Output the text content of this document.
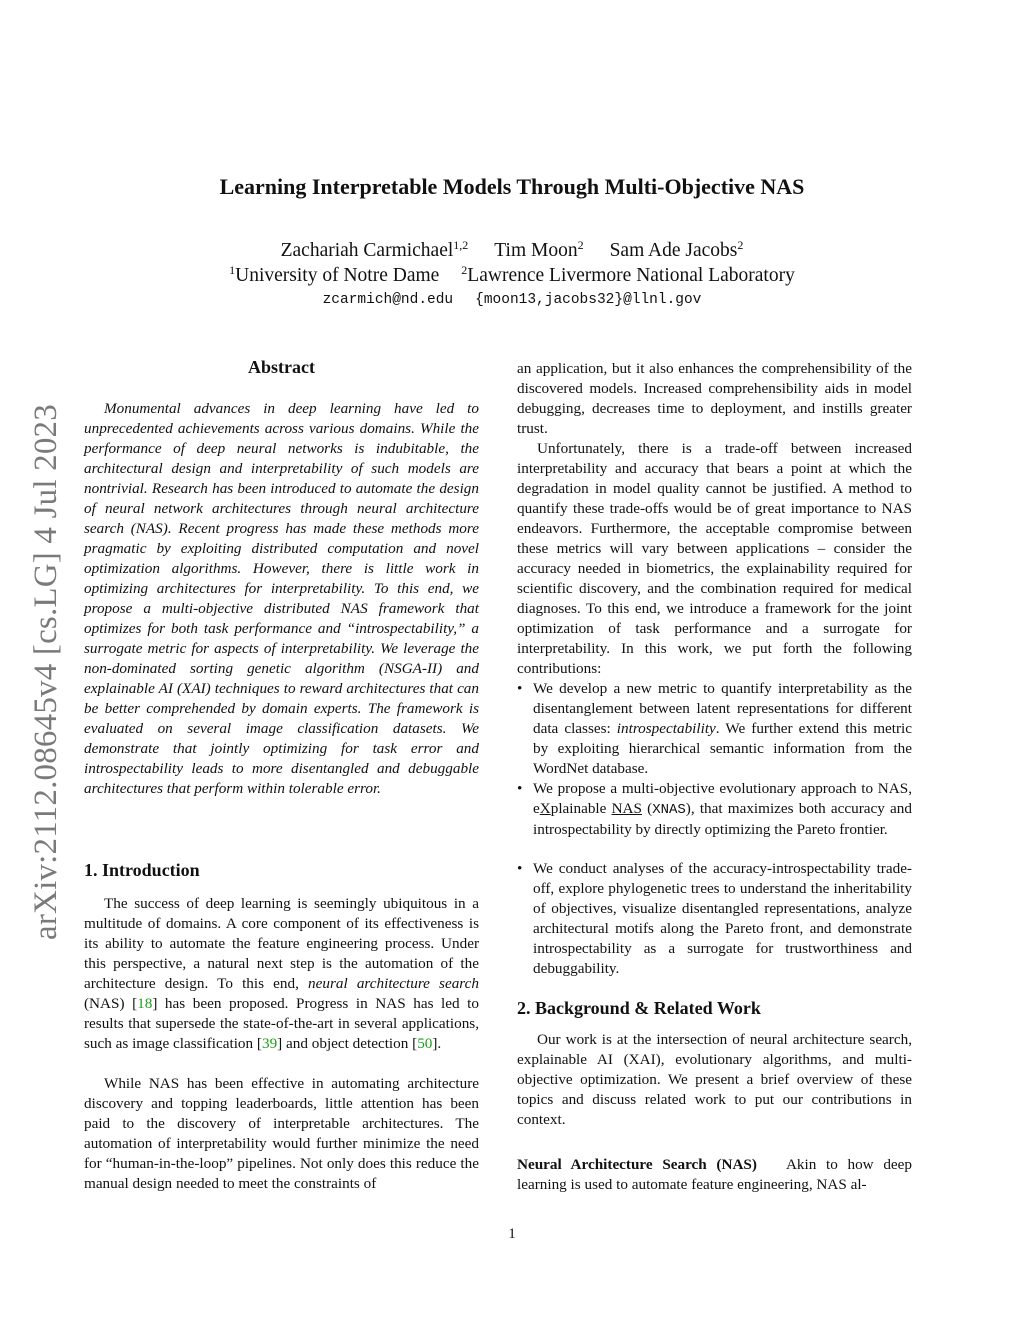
arXiv:2112.08645v4 [cs.LG] 4 Jul 2023
Learning Interpretable Models Through Multi-Objective NAS
Zachariah Carmichael$^{1,2}$ Tim Moon$^2$ Sam Ade Jacobs$^2$
$^1$University of Notre Dame $^2$Lawrence Livermore National Laboratory
zcarmich@nd.edu {moon13,jacobs32}@llnl.gov
Abstract

Monumental advances in deep learning have led to unprecedented achievements across various domains. While the performance of deep neural networks is indubitable, the architectural design and interpretability of such models are nontrivial. Research has been introduced to automate the design of neural network architectures through neural architecture search (NAS). Recent progress has made these methods more pragmatic by exploiting distributed computation and novel optimization algorithms. However, there is little work in optimizing architectures for interpretability. To this end, we propose a multi-objective distributed NAS framework that optimizes for both task performance and “introspectability,” a surrogate metric for aspects of interpretability. We leverage the non-dominated sorting genetic algorithm (NSGA-II) and explainable AI (XAI) techniques to reward architectures that can be better comprehended by domain experts. The framework is evaluated on several image classification datasets. We demonstrate that jointly optimizing for task error and introspectability leads to more disentangled and debuggable architectures that perform within tolerable error.

1. Introduction

The success of deep learning is seemingly ubiquitous in a multitude of domains. A core component of its effectiveness is its ability to automate the feature engineering process. Under this perspective, a natural next step is the automation of the architecture design. To this end, neural architecture search (NAS) [18] has been proposed. Progress in NAS has led to results that supersede the state-of-the-art in several applications, such as image classification [39] and object detection [50].

While NAS has been effective in automating architecture discovery and topping leaderboards, little attention has been paid to the discovery of interpretable architectures. The automation of interpretability would further minimize the need for “human-in-the-loop” pipelines. Not only does this reduce the manual design needed to meet the constraints of

an application, but it also enhances the comprehensibility of the discovered models. Increased comprehensibility aids in model debugging, decreases time to deployment, and instills greater trust.

Unfortunately, there is a trade-off between increased interpretability and accuracy that bears a point at which the degradation in model quality cannot be justified. A method to quantify these trade-offs would be of great importance to NAS endeavors. Furthermore, the acceptable compromise between these metrics will vary between applications – consider the accuracy needed in biometrics, the explainability required for scientific discovery, and the combination required for medical diagnoses. To this end, we introduce a framework for the joint optimization of task performance and a surrogate for interpretability. In this work, we put forth the following contributions:

• We develop a new metric to quantify interpretability as the disentanglement between latent representations for different data classes: introspectability. We further extend this metric by exploiting hierarchical semantic information from the WordNet database.
• We propose a multi-objective evolutionary approach to NAS, eXplainable NAS (XNAS), that maximizes both accuracy and introspectability by directly optimizing the Pareto frontier.
• We conduct analyses of the accuracy-introspectability trade-off, explore phylogenetic trees to understand the inheritability of objectives, visualize disentangled representations, analyze architectural motifs along the Pareto front, and demonstrate introspectability as a surrogate for trustworthiness and debuggability.
2. Background & Related Work

Our work is at the intersection of neural architecture search, explainable AI (XAI), evolutionary algorithms, and multi-objective optimization. We present a brief overview of these topics and discuss related work to put our contributions in context.

Neural Architecture Search (NAS) Akin to how deep learning is used to automate feature engineering, NAS al-

1
